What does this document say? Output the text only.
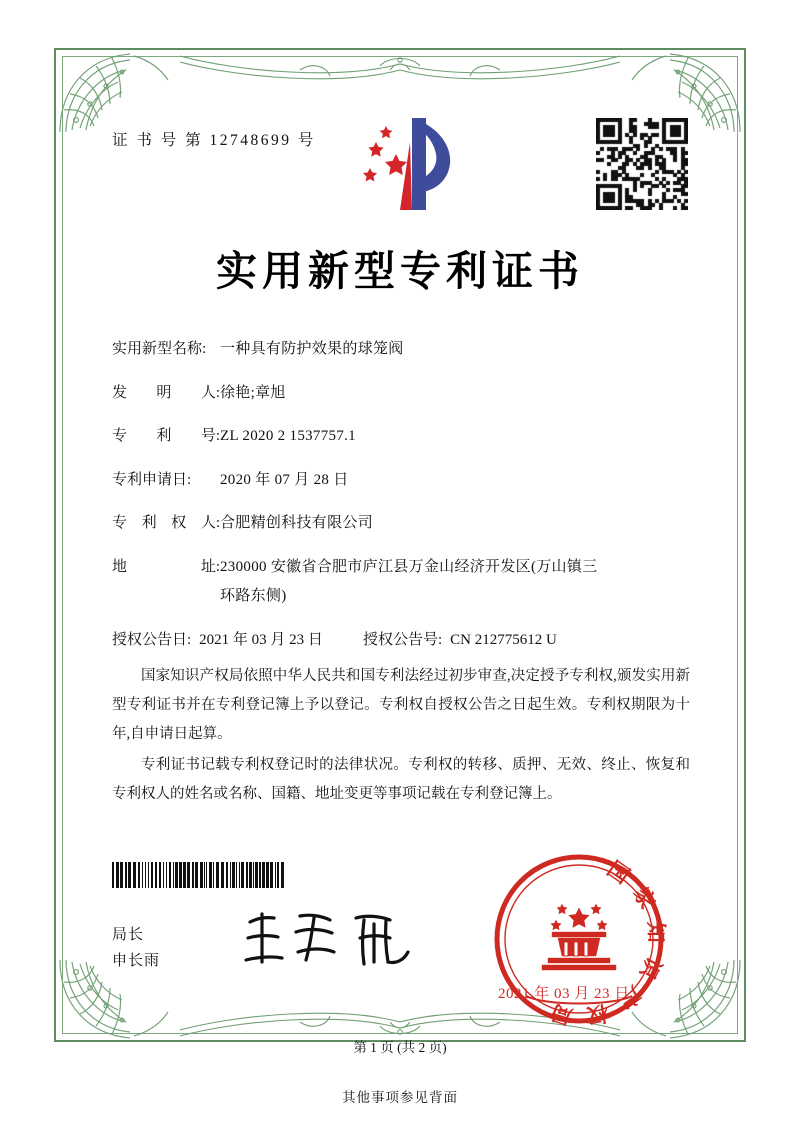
证 书 号 第 12748699 号
实用新型专利证书
实用新型名称: 一种具有防护效果的球笼阀
发 明 人: 徐艳;章旭
专 利 号: ZL 2020 2 1537757.1
专利申请日:	2020 年 07 月 28 日
专 利 权 人: 合肥精创科技有限公司
地	址: 230000 安徽省合肥市庐江县万金山经济开发区(万山镇三
环路东侧)
授权公告日: 2021 年 03 月 23 日	授权公告号: CN 212775612 U

国家知识产权局依照中华人民共和国专利法经过初步审查,决定授予专利权,颁发实用新型专利证书并在专利登记簿上予以登记。专利权自授权公告之日起生效。专利权期限为十年,自申请日起算。

专利证书记载专利权登记时的法律状况。专利权的转移、质押、无效、终止、恢复和专利权人的姓名或名称、国籍、地址变更等事项记载在专利登记簿上。

局长
申长雨
国家知识产权局
2021 年 03 月 23 日
第 1 页 (共 2 页)
其他事项参见背面
